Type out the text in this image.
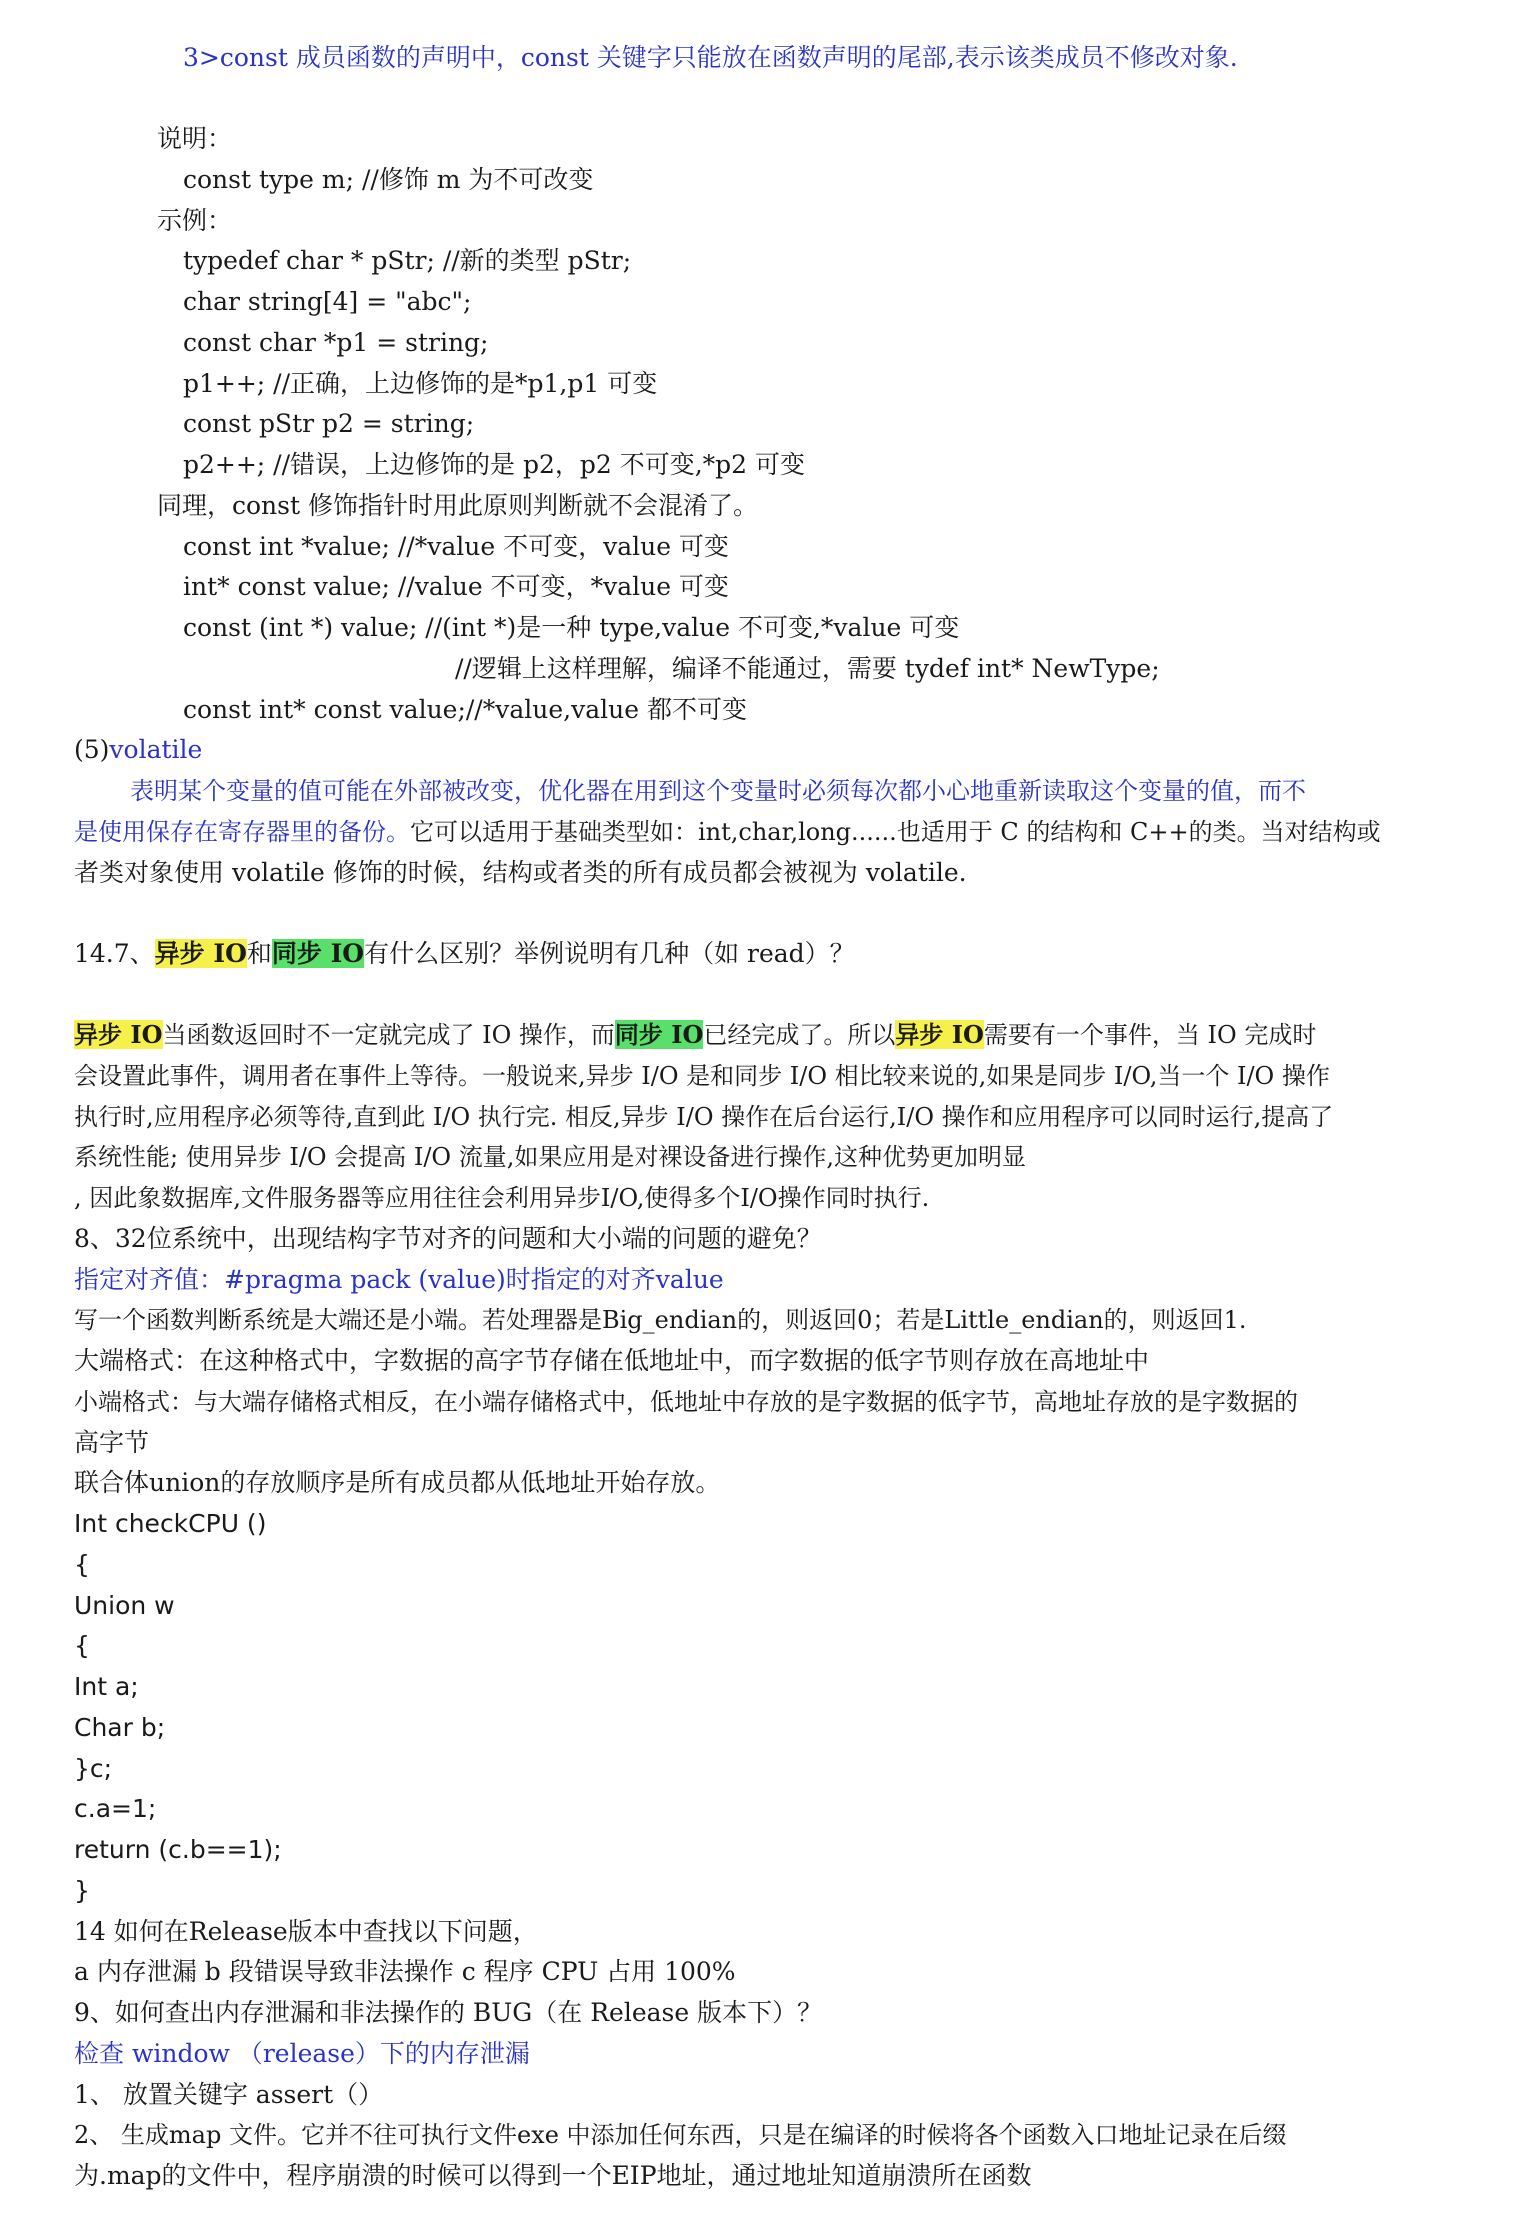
3>const 成员函数的声明中，const 关键字只能放在函数声明的尾部,表示该类成员不修改对象.
说明：
const type m; //修饰 m 为不可改变
示例：
typedef char * pStr; //新的类型 pStr;
char string[4] = "abc";
const char *p1 = string;
p1++; //正确，上边修饰的是*p1,p1 可变
const pStr p2 = string;
p2++; //错误，上边修饰的是 p2，p2 不可变,*p2 可变
同理，const 修饰指针时用此原则判断就不会混淆了。
const int *value; //*value 不可变，value 可变
int* const value; //value 不可变，*value 可变
const (int *) value; //(int *)是一种 type,value 不可变,*value 可变
//逻辑上这样理解，编译不能通过，需要 tydef int* NewType;
const int* const value;//*value,value 都不可变
(5)volatile
表明某个变量的值可能在外部被改变，优化器在用到这个变量时必须每次都小心地重新读取这个变量的值，而不
是使用保存在寄存器里的备份。它可以适用于基础类型如：int,char,long......也适用于 C 的结构和 C++的类。当对结构或
者类对象使用 volatile 修饰的时候，结构或者类的所有成员都会被视为 volatile.
14.7、异步 IO和同步 IO有什么区别？举例说明有几种（如 read）？
异步 IO当函数返回时不一定就完成了 IO 操作，而同步 IO已经完成了。所以异步 IO需要有一个事件，当 IO 完成时
会设置此事件，调用者在事件上等待。一般说来,异步 I/O 是和同步 I/O 相比较来说的,如果是同步 I/O,当一个 I/O 操作
执行时,应用程序必须等待,直到此 I/O 执行完. 相反,异步 I/O 操作在后台运行,I/O 操作和应用程序可以同时运行,提高了
系统性能; 使用异步 I/O 会提高 I/O 流量,如果应用是对裸设备进行操作,这种优势更加明显
, 因此象数据库,文件服务器等应用往往会利用异步I/O,使得多个I/O操作同时执行.
8、32位系统中，出现结构字节对齐的问题和大小端的问题的避免？
指定对齐值：#pragma pack (value)时指定的对齐value
写一个函数判断系统是大端还是小端。若处理器是Big_endian的，则返回0；若是Little_endian的，则返回1.
大端格式：在这种格式中，字数据的高字节存储在低地址中，而字数据的低字节则存放在高地址中
小端格式：与大端存储格式相反，在小端存储格式中，低地址中存放的是字数据的低字节，高地址存放的是字数据的
高字节
联合体union的存放顺序是所有成员都从低地址开始存放。
Int checkCPU ()
{
Union w
{
Int a;
Char b;
}c;
c.a=1;
return (c.b==1);
}
14 如何在Release版本中查找以下问题，
a 内存泄漏 b 段错误导致非法操作 c 程序 CPU 占用 100%
9、如何查出内存泄漏和非法操作的 BUG（在 Release 版本下）？
检查 window （release）下的内存泄漏
1、 放置关键字 assert（）
2、 生成map 文件。它并不往可执行文件exe 中添加任何东西，只是在编译的时候将各个函数入口地址记录在后缀
为.map的文件中，程序崩溃的时候可以得到一个EIP地址，通过地址知道崩溃所在函数
